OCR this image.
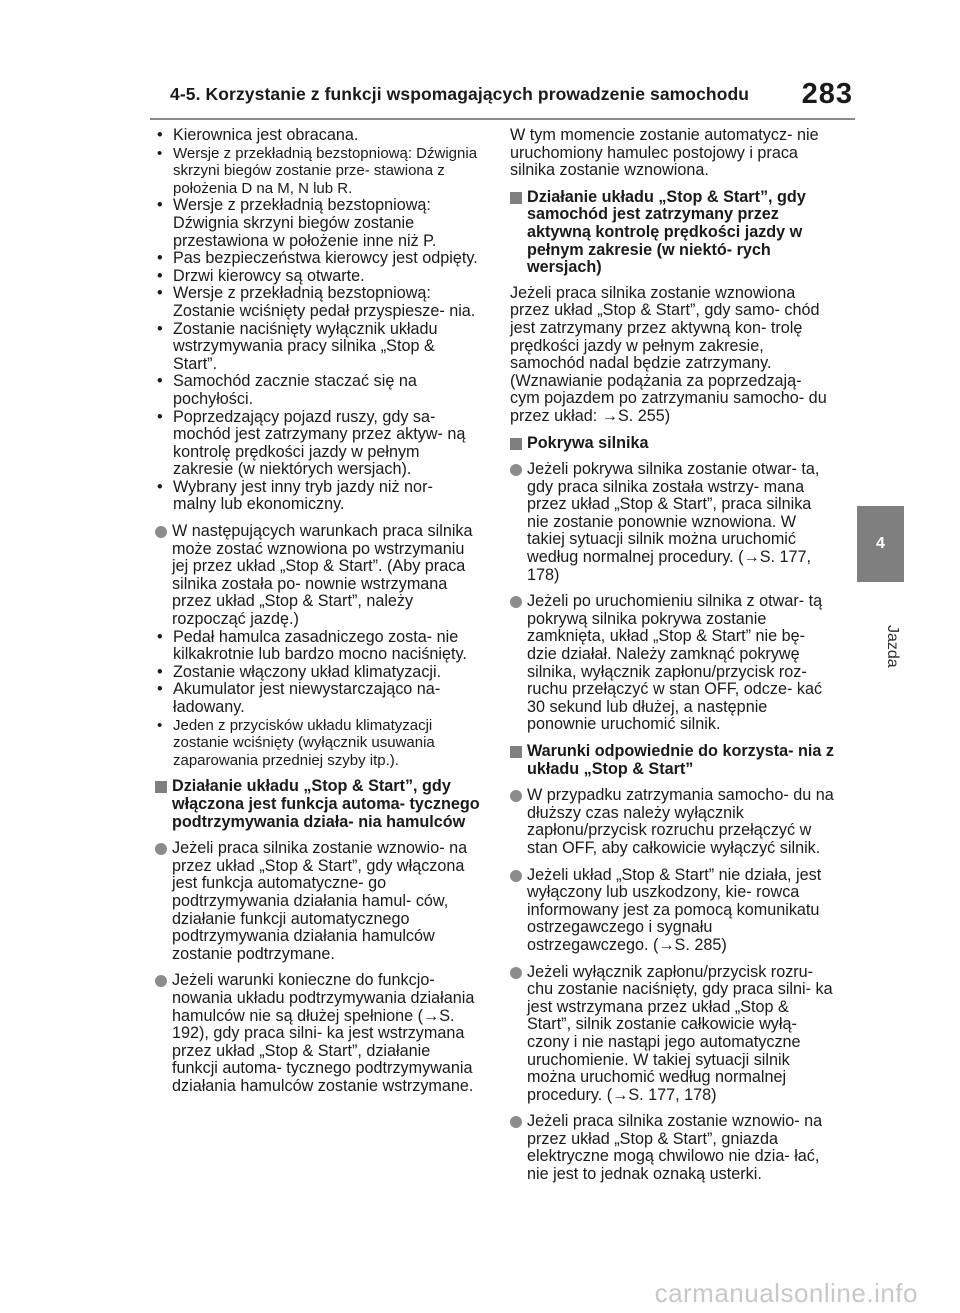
4-5. Korzystanie z funkcji wspomagających prowadzenie samochodu 283
4
Jazda
• Kierownica jest obracana.
• Wersje z przekładnią bezstopniową: Dźwignia skrzyni biegów zostanie prze- stawiona z położenia D na M, N lub R.
• Wersje z przekładnią bezstopniową: Dźwignia skrzyni biegów zostanie przestawiona w położenie inne niż P.
• Pas bezpieczeństwa kierowcy jest odpięty.
• Drzwi kierowcy są otwarte.
• Wersje z przekładnią bezstopniową: Zostanie wciśnięty pedał przyspiesze- nia.
• Zostanie naciśnięty wyłącznik układu wstrzymywania pracy silnika „Stop & Start”.
• Samochód zacznie staczać się na pochyłości.
• Poprzedzający pojazd ruszy, gdy sa- mochód jest zatrzymany przez aktyw- ną kontrolę prędkości jazdy w pełnym zakresie (w niektórych wersjach).
• Wybrany jest inny tryb jazdy niż nor- malny lub ekonomiczny.
W następujących warunkach praca silnika może zostać wznowiona po wstrzymaniu jej przez układ „Stop & Start”. (Aby praca silnika została po- nownie wstrzymana przez układ „Stop & Start”, należy rozpocząć jazdę.)
• Pedał hamulca zasadniczego zosta- nie kilkakrotnie lub bardzo mocno naciśnięty.
• Zostanie włączony układ klimatyzacji.
• Akumulator jest niewystarczająco na- ładowany.
• Jeden z przycisków układu klimatyzacji zostanie wciśnięty (wyłącznik usuwania zaparowania przedniej szyby itp.).
Działanie układu „Stop & Start”, gdy włączona jest funkcja automa- tycznego podtrzymywania działa- nia hamulców
Jeżeli praca silnika zostanie wznowio- na przez układ „Stop & Start”, gdy włączona jest funkcja automatyczne- go podtrzymywania działania hamul- ców, działanie funkcji automatycznego podtrzymywania działania hamulców zostanie podtrzymane.
Jeżeli warunki konieczne do funkcjo- nowania układu podtrzymywania działania hamulców nie są dłużej spełnione (→S. 192), gdy praca silni- ka jest wstrzymana przez układ „Stop & Start”, działanie funkcji automa- tycznego podtrzymywania działania hamulców zostanie wstrzymane.

W tym momencie zostanie automatycz- nie uruchomiony hamulec postojowy i praca silnika zostanie wznowiona.

Działanie układu „Stop & Start”, gdy samochód jest zatrzymany przez aktywną kontrolę prędkości jazdy w pełnym zakresie (w niektó- rych wersjach)

Jeżeli praca silnika zostanie wznowiona przez układ „Stop & Start”, gdy samo- chód jest zatrzymany przez aktywną kon- trolę prędkości jazdy w pełnym zakresie, samochód nadal będzie zatrzymany. (Wznawianie podążania za poprzedzają- cym pojazdem po zatrzymaniu samocho- du przez układ: →S. 255)

Pokrywa silnika
Jeżeli pokrywa silnika zostanie otwar- ta, gdy praca silnika została wstrzy- mana przez układ „Stop & Start”, praca silnika nie zostanie ponownie wznowiona. W takiej sytuacji silnik można uruchomić według normalnej procedury. (→S. 177, 178)
Jeżeli po uruchomieniu silnika z otwar- tą pokrywą silnika pokrywa zostanie zamknięta, układ „Stop & Start” nie bę- dzie działał. Należy zamknąć pokrywę silnika, wyłącznik zapłonu/przycisk roz- ruchu przełączyć w stan OFF, odcze- kać 30 sekund lub dłużej, a następnie ponownie uruchomić silnik.
Warunki odpowiednie do korzysta- nia z układu „Stop & Start”
W przypadku zatrzymania samocho- du na dłuższy czas należy wyłącznik zapłonu/przycisk rozruchu przełączyć w stan OFF, aby całkowicie wyłączyć silnik.
Jeżeli układ „Stop & Start” nie działa, jest wyłączony lub uszkodzony, kie- rowca informowany jest za pomocą komunikatu ostrzegawczego i sygnału ostrzegawczego. (→S. 285)
Jeżeli wyłącznik zapłonu/przycisk rozru- chu zostanie naciśnięty, gdy praca silni- ka jest wstrzymana przez układ „Stop & Start”, silnik zostanie całkowicie wyłą- czony i nie nastąpi jego automatyczne uruchomienie. W takiej sytuacji silnik można uruchomić według normalnej procedury. (→S. 177, 178)
Jeżeli praca silnika zostanie wznowio- na przez układ „Stop & Start”, gniazda elektryczne mogą chwilowo nie dzia- łać, nie jest to jednak oznaką usterki.
carmanualsonline.info
